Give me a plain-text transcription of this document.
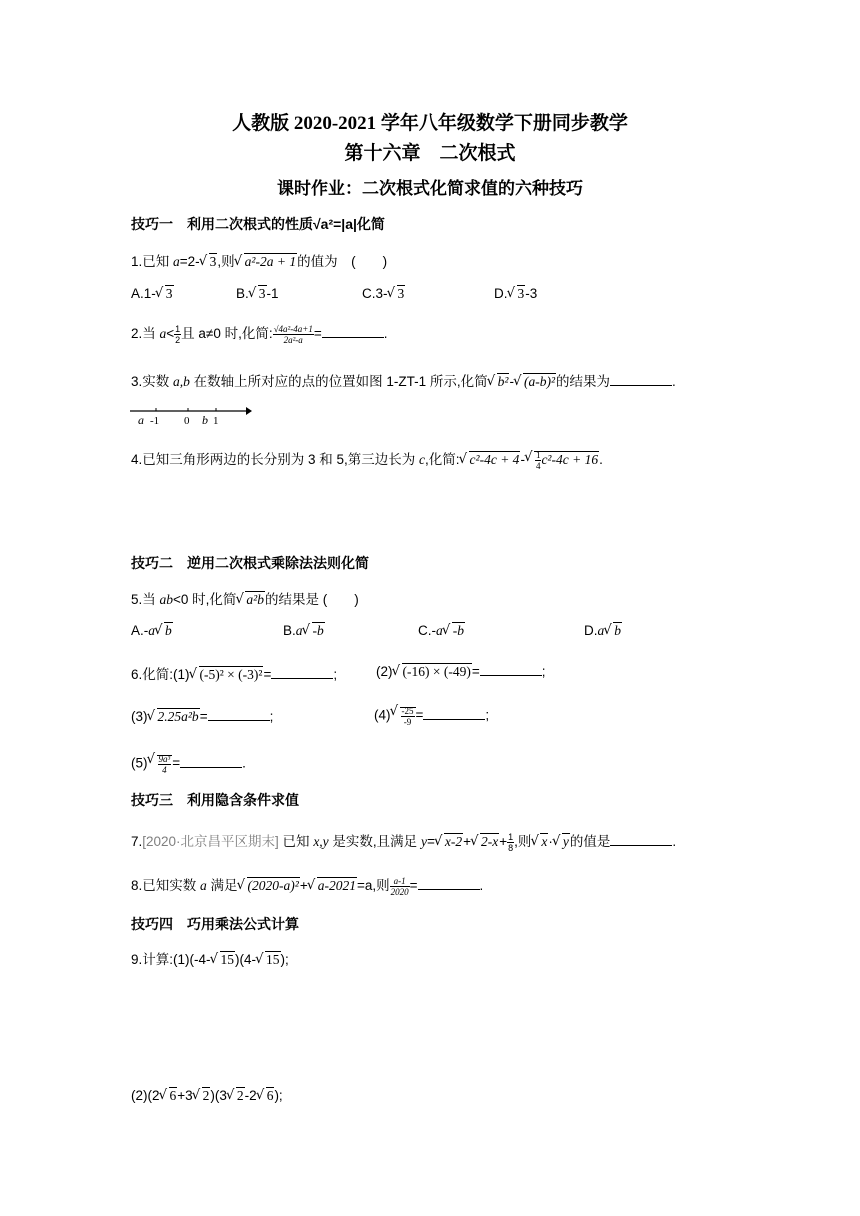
人教版 2020-2021 学年八年级数学下册同步教学
第十六章　二次根式
课时作业：二次根式化简求值的六种技巧
技巧一　利用二次根式的性质√a²=|a|化简
1.已知 a=2- √ 3,则 √ a²-2a + 1的值为　(　　)
A.1- √ 3	B. √ 3-1	C.3- √ 3	D. √ 3-3
2.当 $a< \frac{1}{2}$ 且 a≠0 时,化简: $\frac{\text{√4a²-4a+1}}{\text{2a²-a}}$ =	.
3.实数 a,b 在数轴上所对应的点的位置如图 1-ZT-1 所示,化简 √ b²- √ (a-b)²的结果为	.
a -1 0 b 1
4.已知三角形两边的长分别为 3 和 5,第三边长为 c,化简: √ c²-4c + 4- √ $\frac{1}{4} c^2-4c + 16$.
技巧二　逆用二次根式乘除法法则化简
5.当 ab<0 时,化简 √ a²b的结果是 (　　)
A.-a √ b	B.a √ -b	C.-a √ -b	D.a √ b
6.化简:(1) √ (-5)² × (-3)²=	;	(2) √ (-16) × (-49)=	;
(3) √ 2.25a²b=	;	(4) √ $\frac{-25}{-9}$ =	;
(5) √ $\frac{\text{9a³}}{4}$ =	.
技巧三　利用隐含条件求值
7.[2020·北京昌平区期末] 已知 x,y 是实数,且满足 y= √ x-2+ √ $2-x+ \frac{1}{8}$ ,则 √ x· √ y的值是	.
8.已知实数 a 满足 √ (2020-a)²+ √ a-2021=a,则 $\frac{a-1}{2020}$ =	.
技巧四　巧用乘法公式计算
9.计算:(1)(-4- √ 15)(4- √ 15);
(2)(2 √ 6+3 √ 2)(3 √ 2-2 √ 6);
